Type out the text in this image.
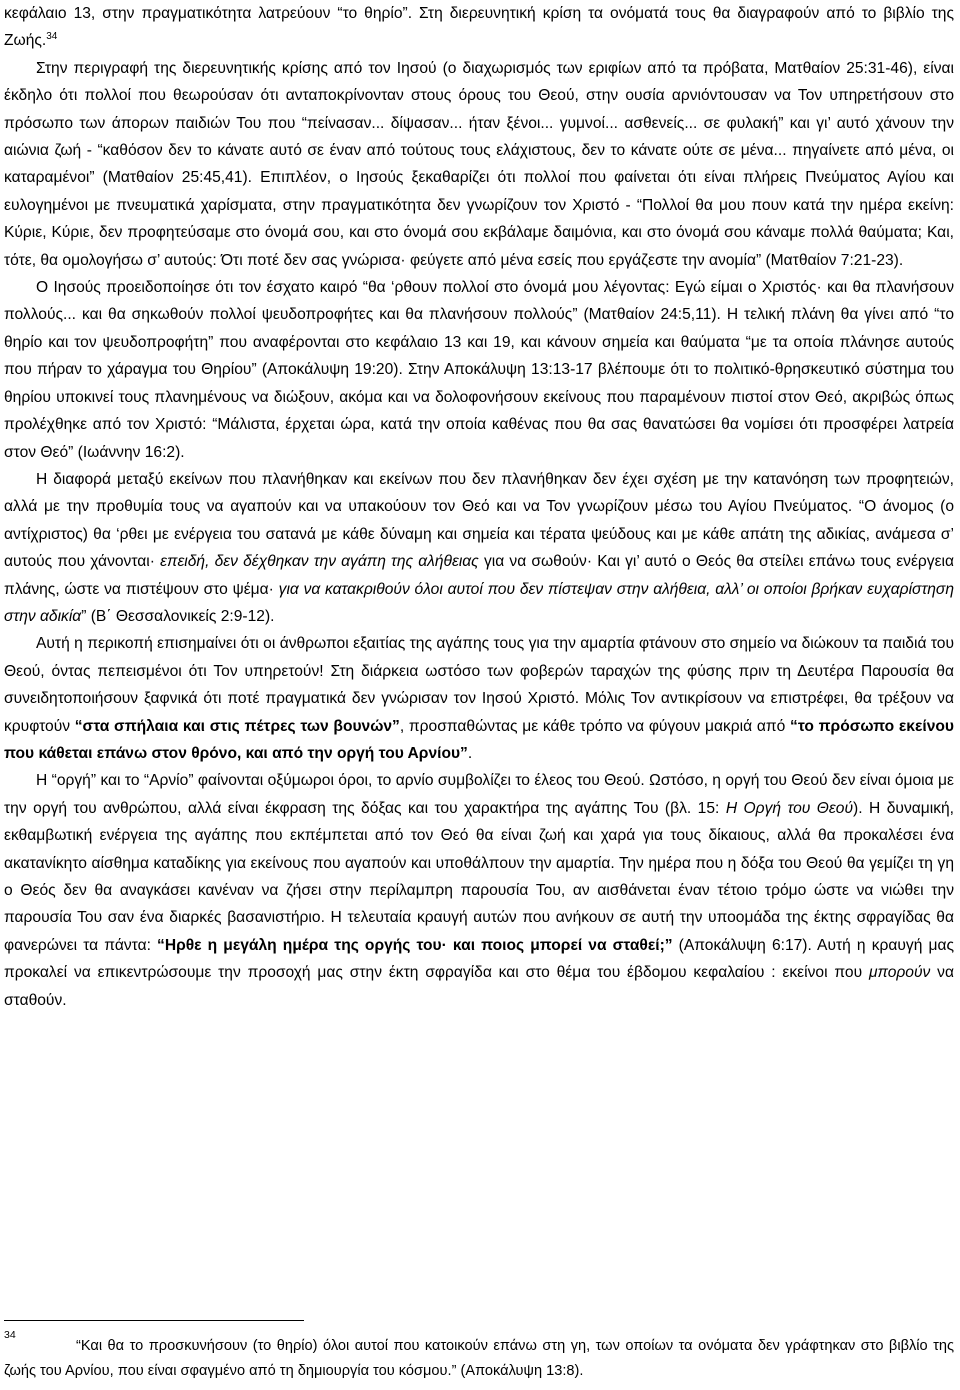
κεφάλαιο 13, στην πραγματικότητα λατρεύουν “το θηρίο”. Στη διερευνητική κρίση τα ονόματά τους θα διαγραφούν από το βιβλίο της Ζωής.$^{34}$

Στην περιγραφή της διερευνητικής κρίσης από τον Ιησού (ο διαχωρισμός των εριφίων από τα πρόβατα, Ματθαίον 25:31-46), είναι έκδηλο ότι πολλοί που θεωρούσαν ότι ανταποκρίνονταν στους όρους του Θεού, στην ουσία αρνιόντουσαν να Τον υπηρετήσουν στο πρόσωπο των άπορων παιδιών Του που “πείνασαν... δίψασαν... ήταν ξένοι... γυμνοί... ασθενείς... σε φυλακή” και γι’ αυτό χάνουν την αιώνια ζωή - “καθόσον δεν το κάνατε αυτό σε έναν από τούτους τους ελάχιστους, δεν το κάνατε ούτε σε μένα... πηγαίνετε από μένα, οι καταραμένοι” (Ματθαίον 25:45,41). Επιπλέον, ο Ιησούς ξεκαθαρίζει ότι πολλοί που φαίνεται ότι είναι πλήρεις Πνεύματος Αγίου και ευλογημένοι με πνευματικά χαρίσματα, στην πραγματικότητα δεν γνωρίζουν τον Χριστό - “Πολλοί θα μου πουν κατά την ημέρα εκείνη: Κύριε, Κύριε, δεν προφητεύσαμε στο όνομά σου, και στο όνομά σου εκβάλαμε δαιμόνια, και στο όνομά σου κάναμε πολλά θαύματα; Και, τότε, θα ομολογήσω σ’ αυτούς: Ότι ποτέ δεν σας γνώρισα· φεύγετε από μένα εσείς που εργάζεστε την ανομία” (Ματθαίον 7:21-23).

Ο Ιησούς προειδοποίησε ότι τον έσχατο καιρό “θα ‘ρθουν πολλοί στο όνομά μου λέγοντας: Εγώ είμαι ο Χριστός· και θα πλανήσουν πολλούς... και θα σηκωθούν πολλοί ψευδοπροφήτες και θα πλανήσουν πολλούς” (Ματθαίον 24:5,11). Η τελική πλάνη θα γίνει από “το θηρίο και τον ψευδοπροφήτη” που αναφέρονται στο κεφάλαιο 13 και 19, και κάνουν σημεία και θαύματα “με τα οποία πλάνησε αυτούς που πήραν το χάραγμα του Θηρίου” (Αποκάλυψη 19:20). Στην Αποκάλυψη 13:13-17 βλέπουμε ότι το πολιτικό-θρησκευτικό σύστημα του θηρίου υποκινεί τους πλανημένους να διώξουν, ακόμα και να δολοφονήσουν εκείνους που παραμένουν πιστοί στον Θεό, ακριβώς όπως προλέχθηκε από τον Χριστό: “Μάλιστα, έρχεται ώρα, κατά την οποία καθένας που θα σας θανατώσει θα νομίσει ότι προσφέρει λατρεία στον Θεό” (Ιωάννην 16:2).

Η διαφορά μεταξύ εκείνων που πλανήθηκαν και εκείνων που δεν πλανήθηκαν δεν έχει σχέση με την κατανόηση των προφητειών, αλλά με την προθυμία τους να αγαπούν και να υπακούουν τον Θεό και να Τον γνωρίζουν μέσω του Αγίου Πνεύματος. “Ο άνομος (ο αντίχριστος) θα ‘ρθει με ενέργεια του σατανά με κάθε δύναμη και σημεία και τέρατα ψεύδους και με κάθε απάτη της αδικίας, ανάμεσα σ’ αυτούς που χάνονται· επειδή, δεν δέχθηκαν την αγάπη της αλήθειας για να σωθούν· Και γι’ αυτό ο Θεός θα στείλει επάνω τους ενέργεια πλάνης, ώστε να πιστέψουν στο ψέμα· για να κατακριθούν όλοι αυτοί που δεν πίστεψαν στην αλήθεια, αλλ’ οι οποίοι βρήκαν ευχαρίστηση στην αδικία” (Β΄ Θεσσαλονικείς 2:9-12).

Αυτή η περικοπή επισημαίνει ότι οι άνθρωποι εξαιτίας της αγάπης τους για την αμαρτία φτάνουν στο σημείο να διώκουν τα παιδιά του Θεού, όντας πεπεισμένοι ότι Τον υπηρετούν! Στη διάρκεια ωστόσο των φοβερών ταραχών της φύσης πριν τη Δευτέρα Παρουσία θα συνειδητοποιήσουν ξαφνικά ότι ποτέ πραγματικά δεν γνώρισαν τον Ιησού Χριστό. Μόλις Τον αντικρίσουν να επιστρέφει, θα τρέξουν να κρυφτούν “στα σπήλαια και στις πέτρες των βουνών”, προσπαθώντας με κάθε τρόπο να φύγουν μακριά από “το πρόσωπο εκείνου που κάθεται επάνω στον θρόνο, και από την οργή του Αρνίου”.

Η “οργή” και το “Αρνίο” φαίνονται οξύμωροι όροι, το αρνίο συμβολίζει το έλεος του Θεού. Ωστόσο, η οργή του Θεού δεν είναι όμοια με την οργή του ανθρώπου, αλλά είναι έκφραση της δόξας και του χαρακτήρα της αγάπης Του (βλ. 15: Η Οργή του Θεού). Η δυναμική, εκθαμβωτική ενέργεια της αγάπης που εκπέμπεται από τον Θεό θα είναι ζωή και χαρά για τους δίκαιους, αλλά θα προκαλέσει ένα ακατανίκητο αίσθημα καταδίκης για εκείνους που αγαπούν και υποθάλπουν την αμαρτία. Την ημέρα που η δόξα του Θεού θα γεμίζει τη γη ο Θεός δεν θα αναγκάσει κανέναν να ζήσει στην περίλαμπρη παρουσία Του, αν αισθάνεται έναν τέτοιο τρόμο ώστε να νιώθει την παρουσία Του σαν ένα διαρκές βασανιστήριο. Η τελευταία κραυγή αυτών που ανήκουν σε αυτή την υποομάδα της έκτης σφραγίδας θα φανερώνει τα πάντα: “Ηρθε η μεγάλη ημέρα της οργής του· και ποιος μπορεί να σταθεί;” (Αποκάλυψη 6:17). Αυτή η κραυγή μας προκαλεί να επικεντρώσουμε την προσοχή μας στην έκτη σφραγίδα και στο θέμα του έβδομου κεφαλαίου : εκείνοι που μπορούν να σταθούν.

34

“Και θα το προσκυνήσουν (το θηρίο) όλοι αυτοί που κατοικούν επάνω στη γη, των οποίων τα ονόματα δεν γράφτηκαν στο βιβλίο της ζωής του Αρνίου, που είναι σφαγμένο από τη δημιουργία του κόσμου.” (Αποκάλυψη 13:8).
